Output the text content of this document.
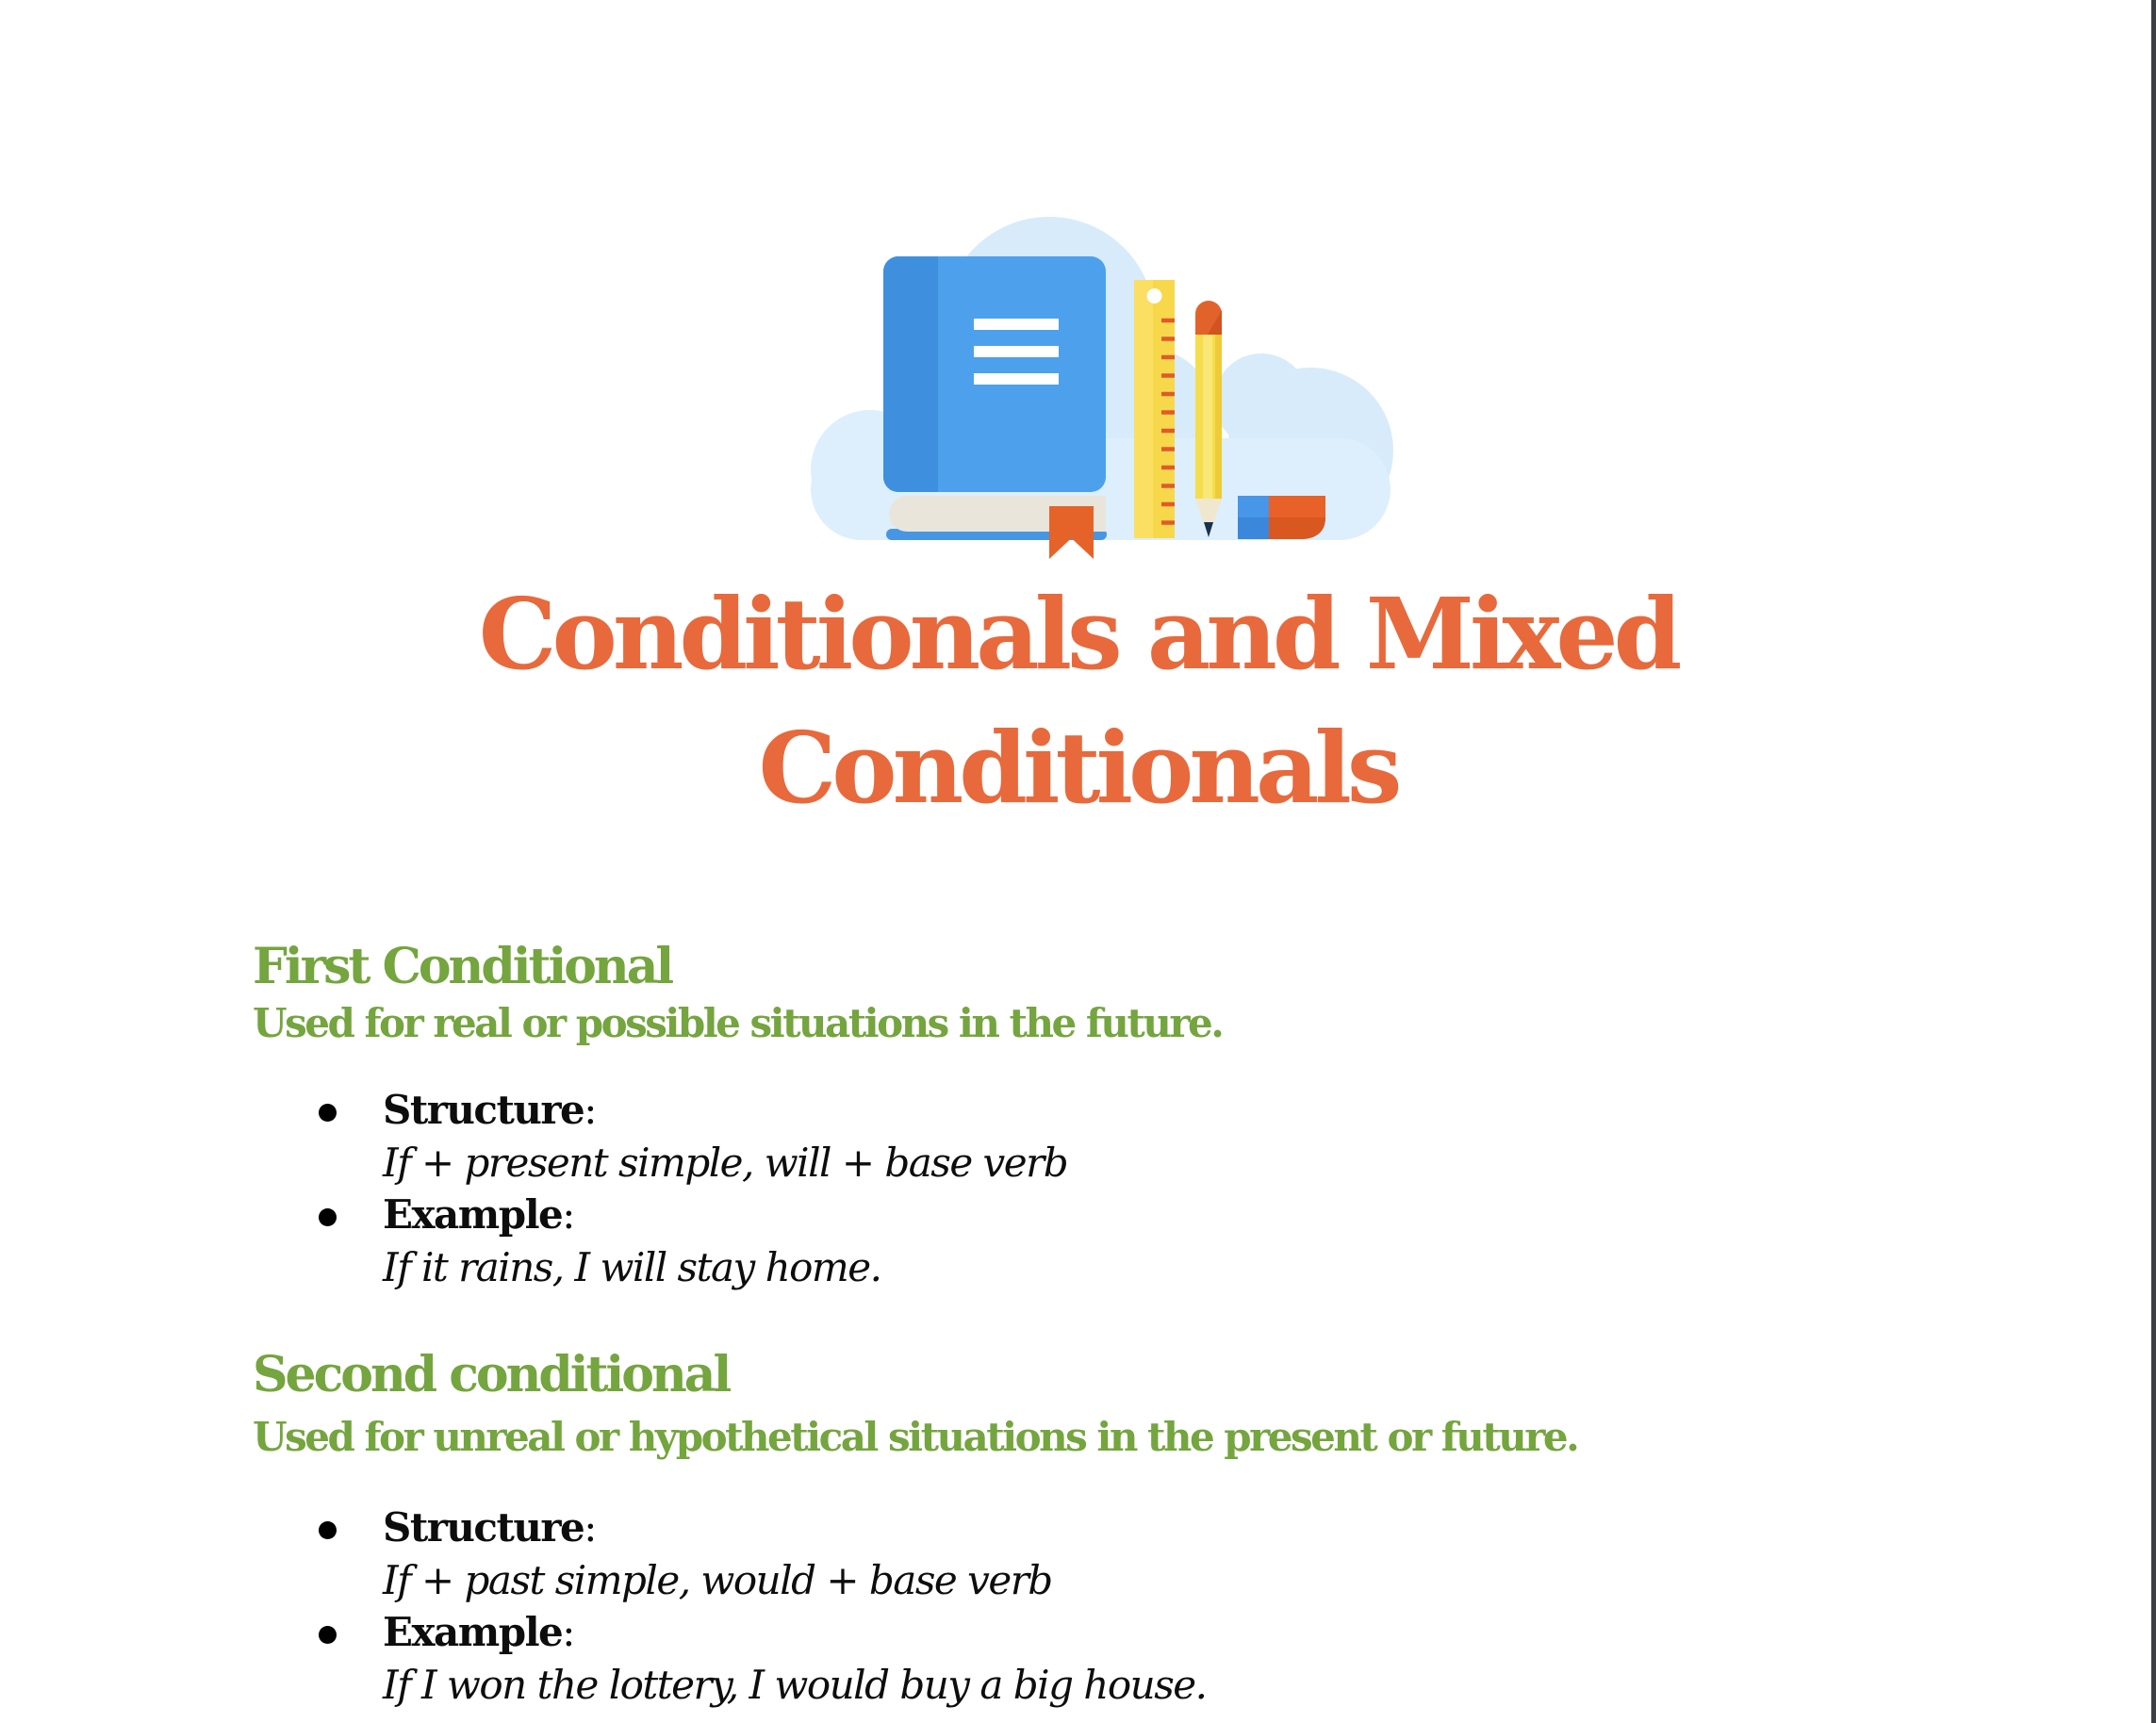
Conditionals and Mixed
Conditionals
First Conditional
Used for real or possible situations in the future.
Structure:
If + present simple, will + base verb
Example:
If it rains, I will stay home.
Second conditional
Used for unreal or hypothetical situations in the present or future.
Structure:
If + past simple, would + base verb
Example:
If I won the lottery, I would buy a big house.
